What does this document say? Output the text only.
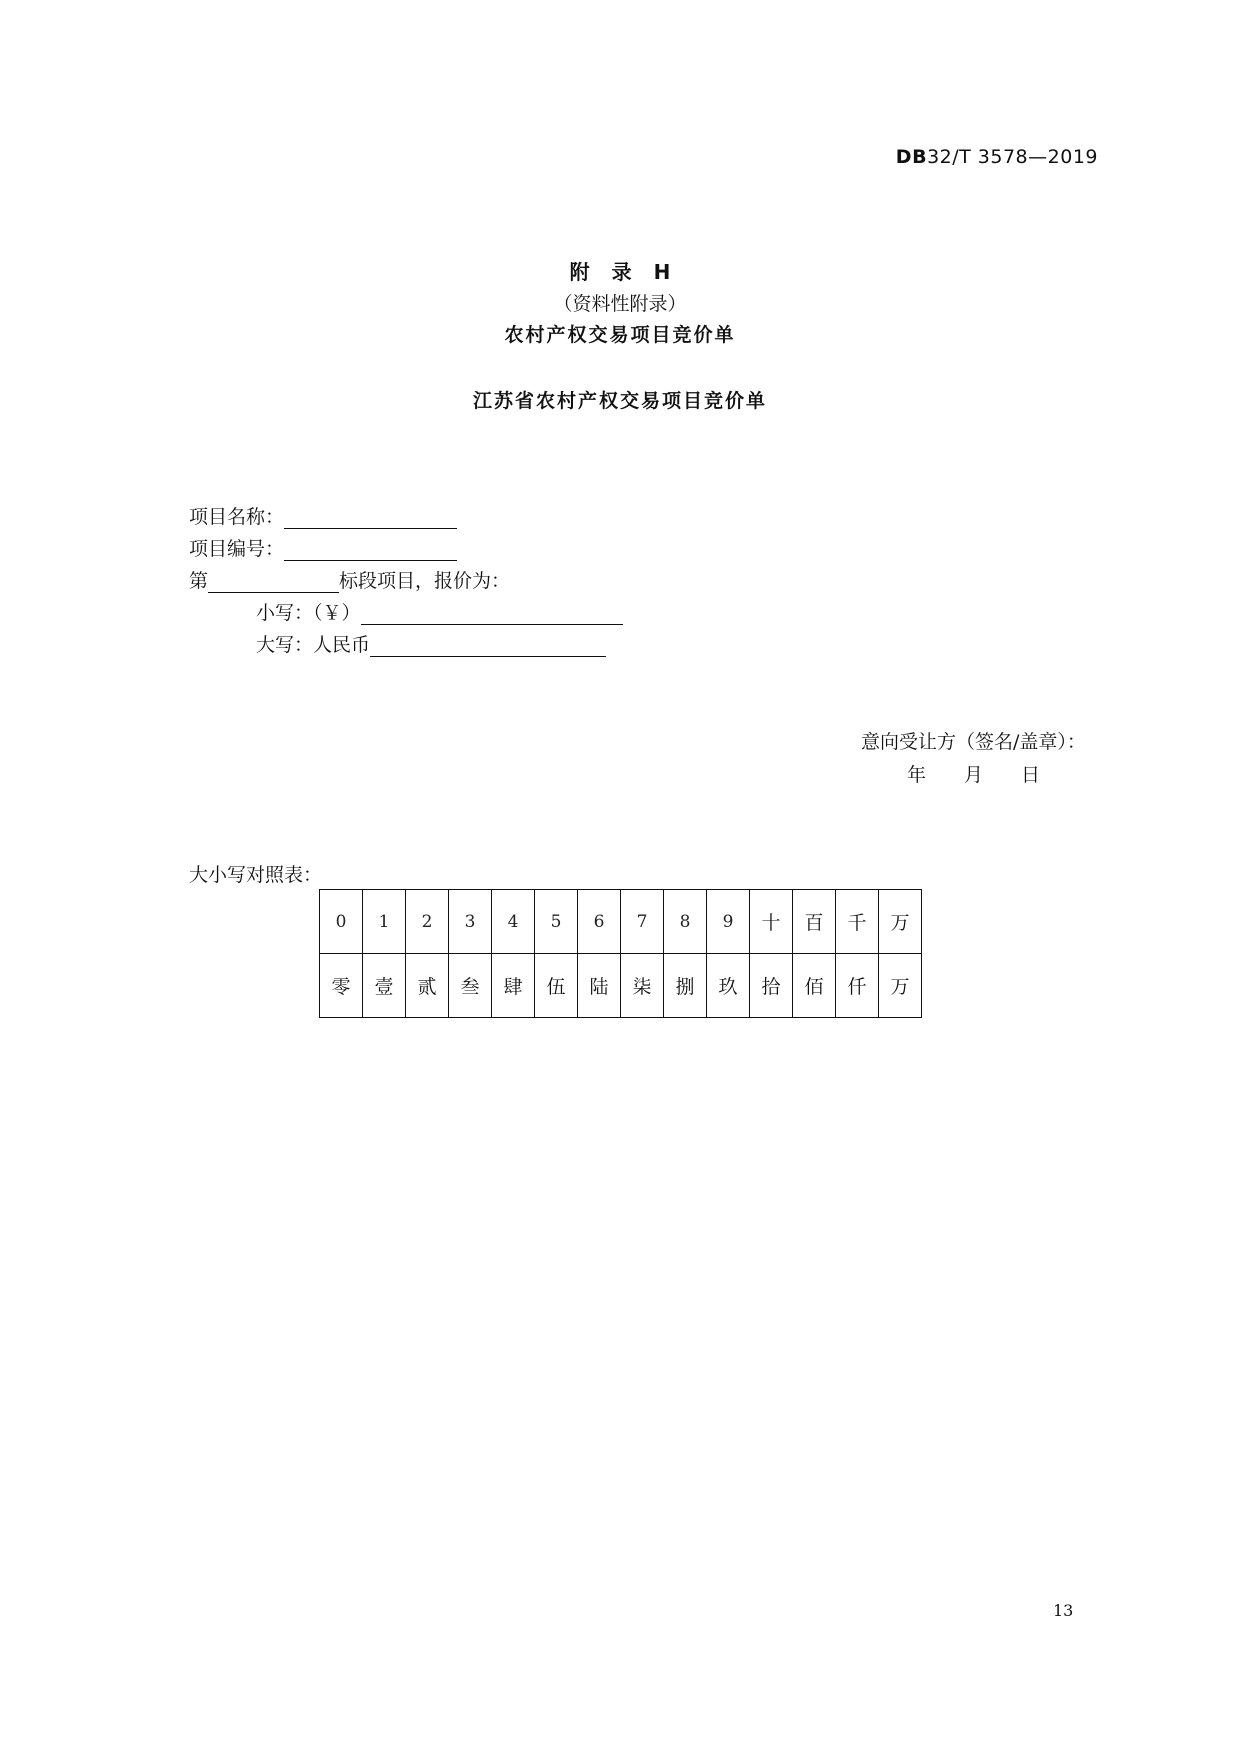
DB32/T 3578—2019
附录H
（资料性附录）
农村产权交易项目竞价单
江苏省农村产权交易项目竞价单
项目名称：
项目编号：
第	标段项目，报价为：
小写：（￥）
大写：人民币
意向受让方（签名/盖章）：
年 月 日
大小写对照表：
0	1	2	3	4	5	6	7	8	9	十	百	千	万
零	壹	贰	叁	肆	伍	陆	柒	捌	玖	拾	佰	仟	万
13
